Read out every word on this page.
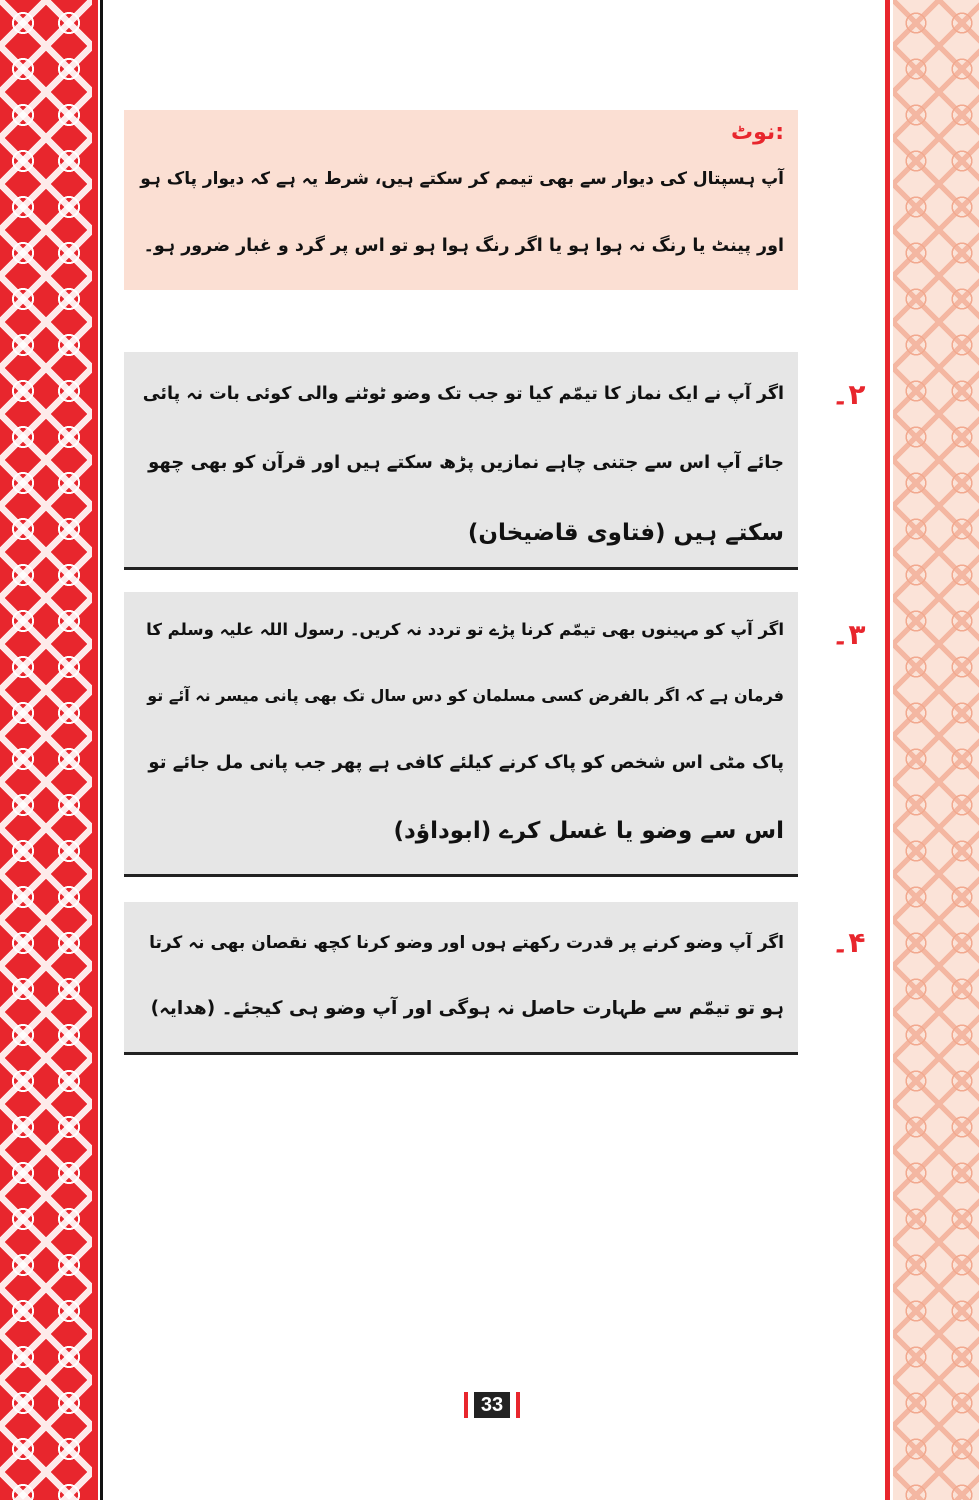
نوٹ:
آپ ہسپتال کی دیوار سے بھی تیمم کر سکتے ہیں، شرط یہ ہے کہ دیوار پاک ہو
اور پینٹ یا رنگ نہ ہوا ہو یا اگر رنگ ہوا ہو تو اس پر گرد و غبار ضرور ہو۔
۲۔
اگر آپ نے ایک نماز کا تیمّم کیا تو جب تک وضو ٹوٹنے والی کوئی بات نہ پائی
جائے آپ اس سے جتنی چاہے نمازیں پڑھ سکتے ہیں اور قرآن کو بھی چھو
سکتے ہیں (فتاوی قاضیخان)
۳۔
اگر آپ کو مہینوں بھی تیمّم کرنا پڑے تو تردد نہ کریں۔ رسول اللہ علیہ وسلم کا
فرمان ہے کہ اگر بالفرض کسی مسلمان کو دس سال تک بھی پانی میسر نہ آئے تو
پاک مٹی اس شخص کو پاک کرنے کیلئے کافی ہے پھر جب پانی مل جائے تو
اس سے وضو یا غسل کرے (ابوداؤد)
۴۔
اگر آپ وضو کرنے پر قدرت رکھتے ہوں اور وضو کرنا کچھ نقصان بھی نہ کرتا
ہو تو تیمّم سے طہارت حاصل نہ ہوگی اور آپ وضو ہی کیجئے۔ (ھدایہ)
33
